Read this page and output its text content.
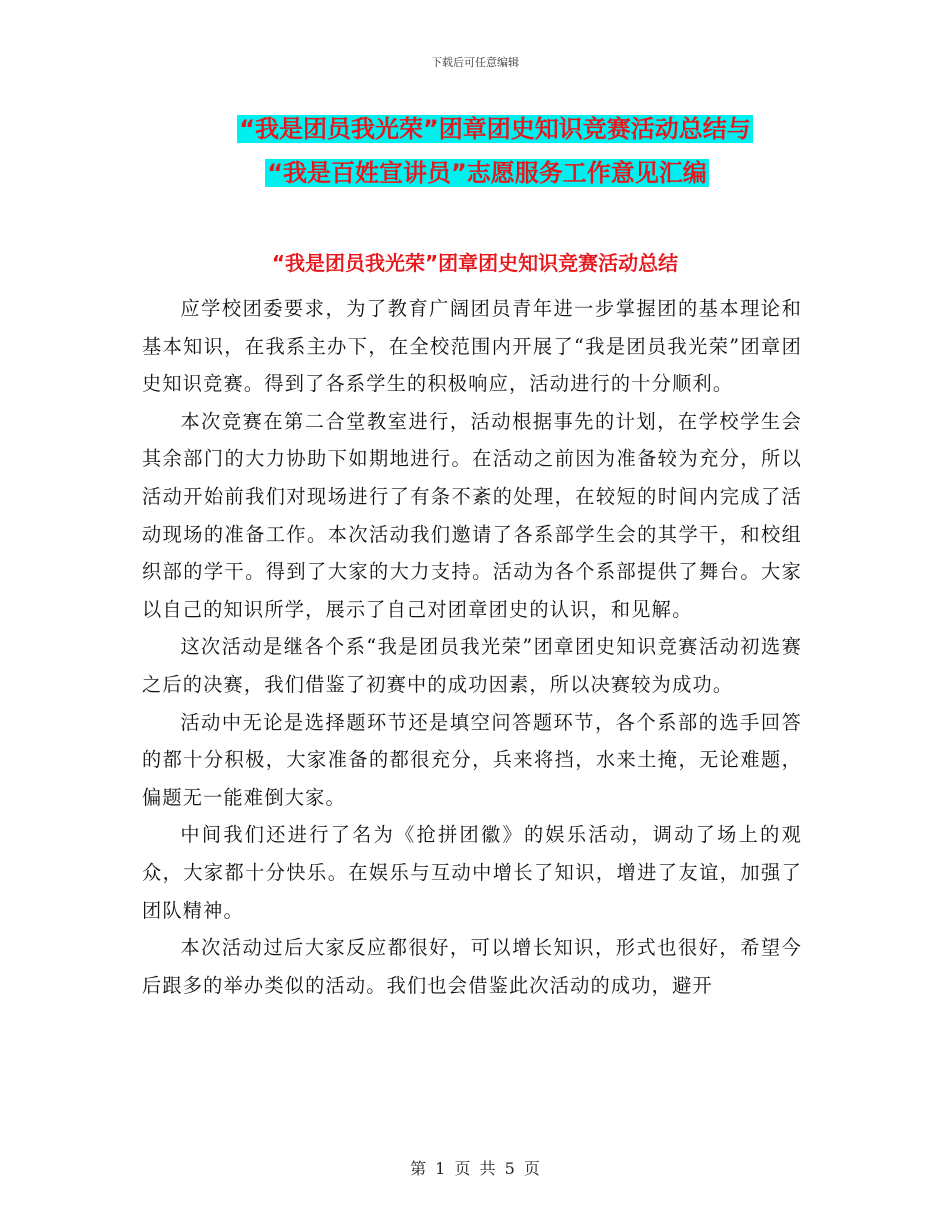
下载后可任意编辑
“我是团员我光荣”团章团史知识竞赛活动总结与
“我是百姓宣讲员”志愿服务工作意见汇编
“我是团员我光荣”团章团史知识竞赛活动总结

应学校团委要求，为了教育广阔团员青年进一步掌握团的基本理论和基本知识，在我系主办下，在全校范围内开展了“我是团员我光荣”团章团史知识竞赛。得到了各系学生的积极响应，活动进行的十分顺利。

本次竞赛在第二合堂教室进行，活动根据事先的计划，在学校学生会其余部门的大力协助下如期地进行。在活动之前因为准备较为充分，所以活动开始前我们对现场进行了有条不紊的处理，在较短的时间内完成了活动现场的准备工作。本次活动我们邀请了各系部学生会的其学干，和校组织部的学干。得到了大家的大力支持。活动为各个系部提供了舞台。大家以自己的知识所学，展示了自己对团章团史的认识，和见解。

这次活动是继各个系“我是团员我光荣”团章团史知识竞赛活动初选赛之后的决赛，我们借鉴了初赛中的成功因素，所以决赛较为成功。

活动中无论是选择题环节还是填空问答题环节，各个系部的选手回答的都十分积极，大家准备的都很充分，兵来将挡，水来土掩，无论难题，偏题无一能难倒大家。

中间我们还进行了名为《抢拼团徽》的娱乐活动，调动了场上的观众，大家都十分快乐。在娱乐与互动中增长了知识，增进了友谊，加强了团队精神。

本次活动过后大家反应都很好，可以增长知识，形式也很好，希望今后跟多的举办类似的活动。我们也会借鉴此次活动的成功，避开

第 1 页 共 5 页
